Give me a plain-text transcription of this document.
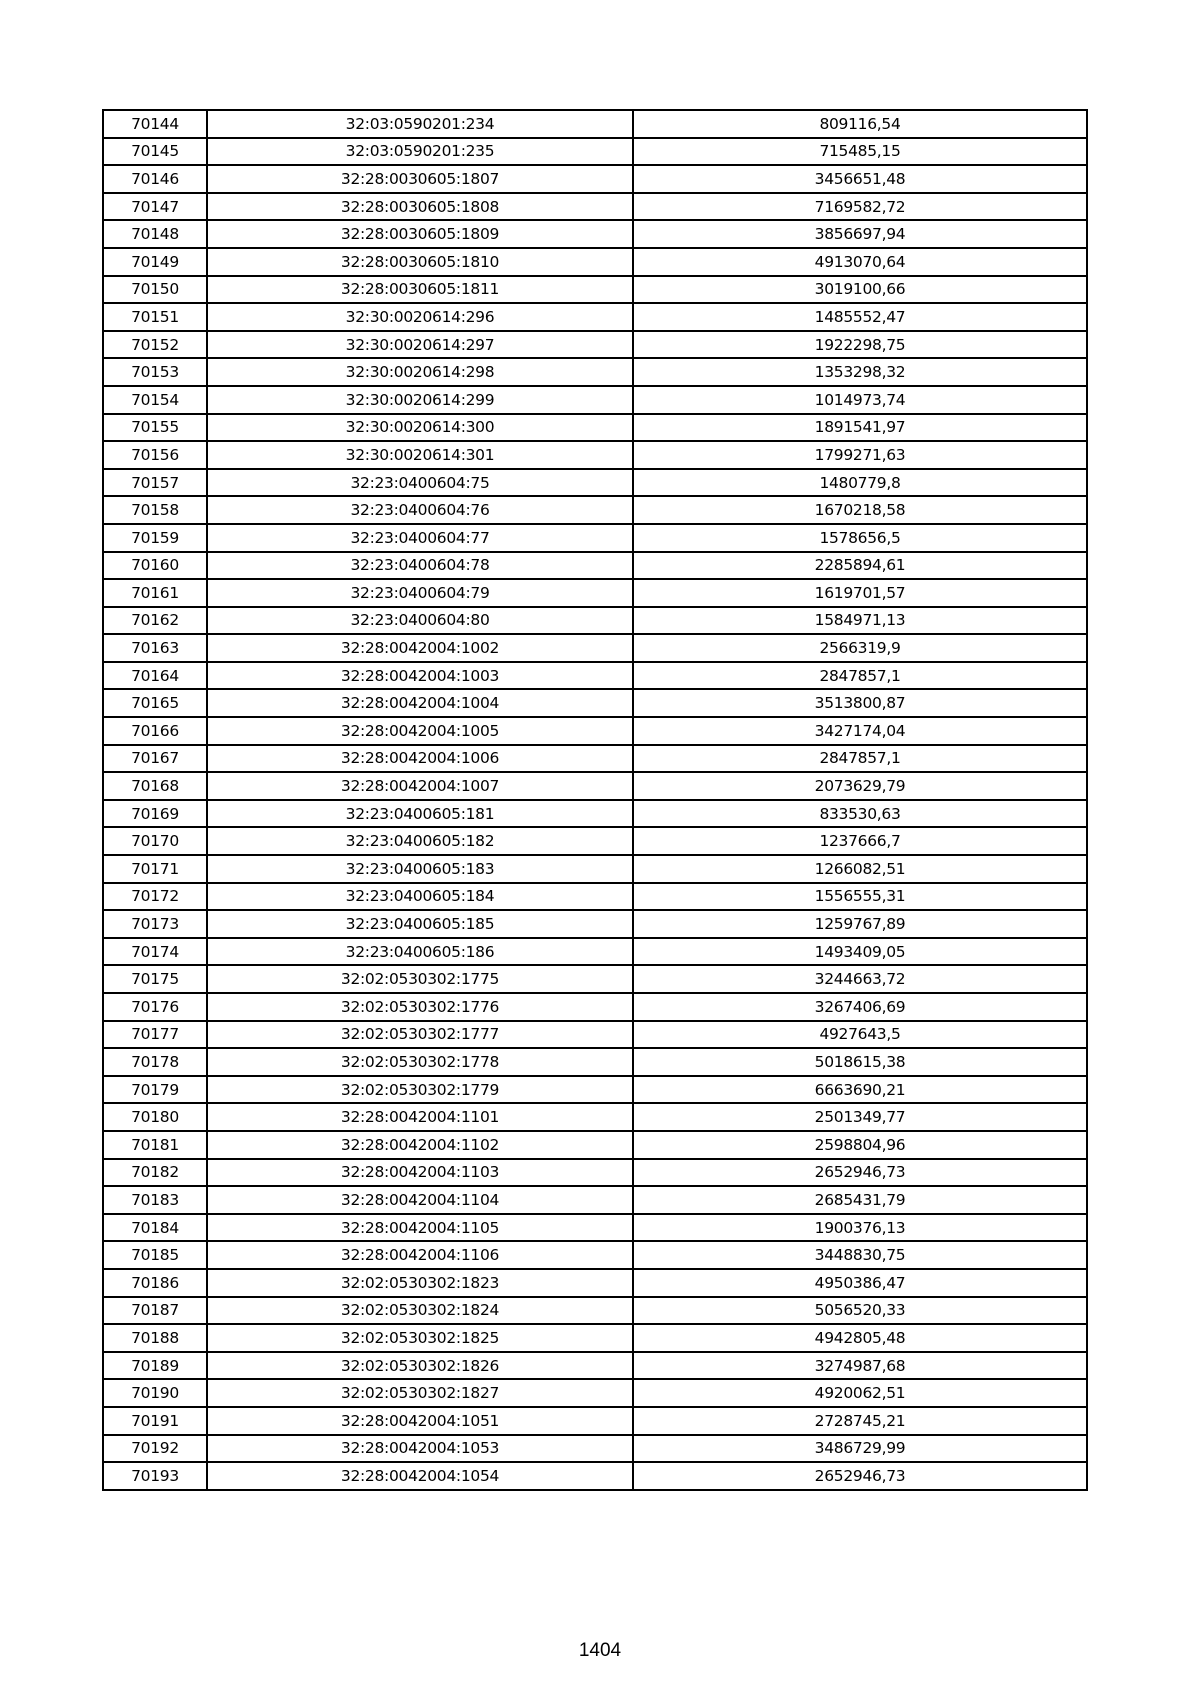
70144	32:03:0590201:234	809116,54
70145	32:03:0590201:235	715485,15
70146	32:28:0030605:1807	3456651,48
70147	32:28:0030605:1808	7169582,72
70148	32:28:0030605:1809	3856697,94
70149	32:28:0030605:1810	4913070,64
70150	32:28:0030605:1811	3019100,66
70151	32:30:0020614:296	1485552,47
70152	32:30:0020614:297	1922298,75
70153	32:30:0020614:298	1353298,32
70154	32:30:0020614:299	1014973,74
70155	32:30:0020614:300	1891541,97
70156	32:30:0020614:301	1799271,63
70157	32:23:0400604:75	1480779,8
70158	32:23:0400604:76	1670218,58
70159	32:23:0400604:77	1578656,5
70160	32:23:0400604:78	2285894,61
70161	32:23:0400604:79	1619701,57
70162	32:23:0400604:80	1584971,13
70163	32:28:0042004:1002	2566319,9
70164	32:28:0042004:1003	2847857,1
70165	32:28:0042004:1004	3513800,87
70166	32:28:0042004:1005	3427174,04
70167	32:28:0042004:1006	2847857,1
70168	32:28:0042004:1007	2073629,79
70169	32:23:0400605:181	833530,63
70170	32:23:0400605:182	1237666,7
70171	32:23:0400605:183	1266082,51
70172	32:23:0400605:184	1556555,31
70173	32:23:0400605:185	1259767,89
70174	32:23:0400605:186	1493409,05
70175	32:02:0530302:1775	3244663,72
70176	32:02:0530302:1776	3267406,69
70177	32:02:0530302:1777	4927643,5
70178	32:02:0530302:1778	5018615,38
70179	32:02:0530302:1779	6663690,21
70180	32:28:0042004:1101	2501349,77
70181	32:28:0042004:1102	2598804,96
70182	32:28:0042004:1103	2652946,73
70183	32:28:0042004:1104	2685431,79
70184	32:28:0042004:1105	1900376,13
70185	32:28:0042004:1106	3448830,75
70186	32:02:0530302:1823	4950386,47
70187	32:02:0530302:1824	5056520,33
70188	32:02:0530302:1825	4942805,48
70189	32:02:0530302:1826	3274987,68
70190	32:02:0530302:1827	4920062,51
70191	32:28:0042004:1051	2728745,21
70192	32:28:0042004:1053	3486729,99
70193	32:28:0042004:1054	2652946,73
1404
